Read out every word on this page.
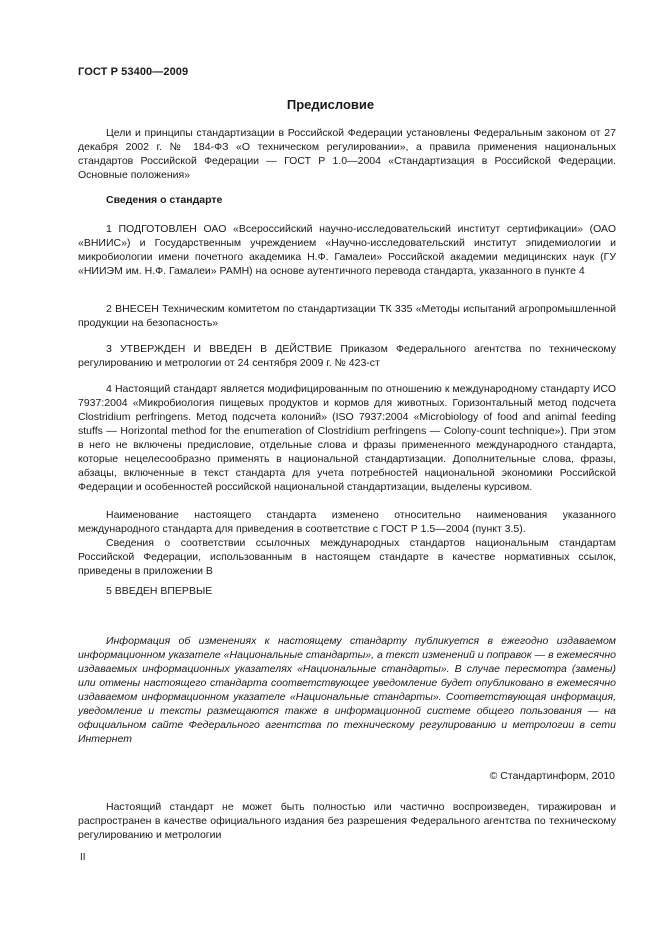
ГОСТ Р 53400—2009
Предисловие

Цели и принципы стандартизации в Российской Федерации установлены Федеральным законом от 27 декабря 2002 г. № 184-ФЗ «О техническом регулировании», а правила применения национальных стандартов Российской Федерации — ГОСТ Р 1.0—2004 «Стандартизация в Российской Федерации. Основные положения»

Сведения о стандарте

1 ПОДГОТОВЛЕН ОАО «Всероссийский научно-исследовательский институт сертификации» (ОАО «ВНИИС») и Государственным учреждением «Научно-исследовательский институт эпидемиологии и микробиологии имени почетного академика Н.Ф. Гамалеи» Российской академии медицинских наук (ГУ «НИИЭМ им. Н.Ф. Гамалеи» РАМН) на основе аутентичного перевода стандарта, указанного в пункте 4

2 ВНЕСЕН Техническим комитетом по стандартизации ТК 335 «Методы испытаний агропромышленной продукции на безопасность»

3 УТВЕРЖДЕН И ВВЕДЕН В ДЕЙСТВИЕ Приказом Федерального агентства по техническому регулированию и метрологии от 24 сентября 2009 г. № 423-ст

4 Настоящий стандарт является модифицированным по отношению к международному стандарту ИСО 7937:2004 «Микробиология пищевых продуктов и кормов для животных. Горизонтальный метод подсчета Clostridium perfringens. Метод подсчета колоний» (ISO 7937:2004 «Microbiology of food and animal feeding stuffs — Horizontal method for the enumeration of Clostridium perfringens — Colony-count technique»). При этом в него не включены предисловие, отдельные слова и фразы примененного международного стандарта, которые нецелесообразно применять в национальной стандартизации. Дополнительные слова, фразы, абзацы, включенные в текст стандарта для учета потребностей национальной экономики Российской Федерации и особенностей российской национальной стандартизации, выделены курсивом.

Наименование настоящего стандарта изменено относительно наименования указанного международного стандарта для приведения в соответствие с ГОСТ Р 1.5—2004 (пункт 3.5).

Сведения о соответствии ссылочных международных стандартов национальным стандартам Российской Федерации, использованным в настоящем стандарте в качестве нормативных ссылок, приведены в приложении В

5 ВВЕДЕН ВПЕРВЫЕ

Информация об изменениях к настоящему стандарту публикуется в ежегодно издаваемом информационном указателе «Национальные стандарты», а текст изменений и поправок — в ежемесячно издаваемых информационных указателях «Национальные стандарты». В случае пересмотра (замены) или отмены настоящего стандарта соответствующее уведомление будет опубликовано в ежемесячно издаваемом информационном указателе «Национальные стандарты». Соответствующая информация, уведомление и тексты размещаются также в информационной системе общего пользования — на официальном сайте Федерального агентства по техническому регулированию и метрологии в сети Интернет

© Стандартинформ, 2010

Настоящий стандарт не может быть полностью или частично воспроизведен, тиражирован и распространен в качестве официального издания без разрешения Федерального агентства по техническому регулированию и метрологии

II
